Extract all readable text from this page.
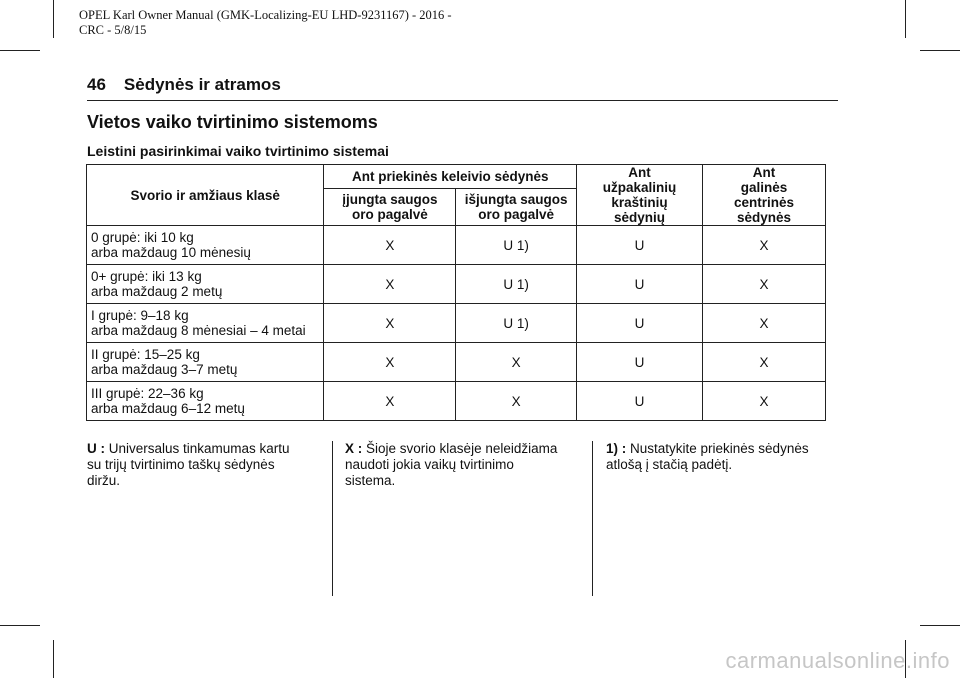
OPEL Karl Owner Manual (GMK-Localizing-EU LHD-9231167) - 2016 -
CRC - 5/8/15
46 Sėdynės ir atramos
Vietos vaiko tvirtinimo sistemoms
Leistini pasirinkimai vaiko tvirtinimo sistemai
Svorio ir amžiaus klasė	Ant priekinės keleivio sėdynės		Ant užpakalinių kraštinių sėdynių	Ant galinės centrinės sėdynės
	įjungta saugos oro pagalvė	išjungta saugos oro pagalvė		

0 grupė: iki 10 kg
arba maždaug 10 mėnesių	X	U 1)	U	X

0+ grupė: iki 13 kg
arba maždaug 2 metų	X	U 1)	U	X

I grupė: 9–18 kg
arba maždaug 8 mėnesiai – 4 metai	X	U 1)	U	X

II grupė: 15–25 kg
arba maždaug 3–7 metų	X	X	U	X

III grupė: 22–36 kg
arba maždaug 6–12 metų	X	X	U	X
U : Universalus tinkamumas kartu
su trijų tvirtinimo taškų sėdynės
diržu.
X : Šioje svorio klasėje neleidžiama
naudoti jokia vaikų tvirtinimo
sistema.
1) : Nustatykite priekinės sėdynės
atlošą į stačią padėtį.
carmanualsonline.info
